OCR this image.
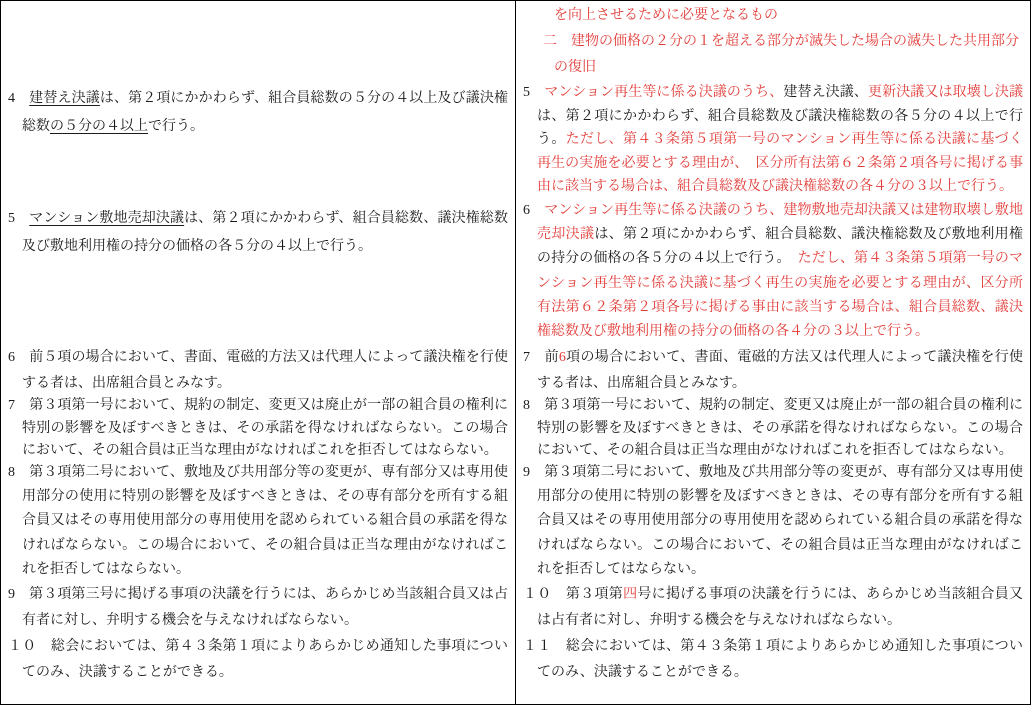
4　建替え決議は、第２項にかかわらず、組合員総数の５分の４以上及び議決権総数の５分の４以上で行う。
5　マンション敷地売却決議は、第２項にかかわらず、組合員総数、議決権総数及び敷地利用権の持分の価格の各５分の４以上で行う。
6　前５項の場合において、書面、電磁的方法又は代理人によって議決権を行使する者は、出席組合員とみなす。
7　第３項第一号において、規約の制定、変更又は廃止が一部の組合員の権利に特別の影響を及ぼすべきときは、その承諾を得なければならない。この場合において、その組合員は正当な理由がなければこれを拒否してはならない。
8　第３項第二号において、敷地及び共用部分等の変更が、専有部分又は専用使用部分の使用に特別の影響を及ぼすべきときは、その専有部分を所有する組合員又はその専用使用部分の専用使用を認められている組合員の承諾を得なければならない。この場合において、その組合員は正当な理由がなければこれを拒否してはならない。
9　第３項第三号に掲げる事項の決議を行うには、あらかじめ当該組合員又は占有者に対し、弁明する機会を与えなければならない。
１０　総会においては、第４３条第１項によりあらかじめ通知した事項についてのみ、決議することができる。
を向上させるために必要となるもの
二　建物の価格の２分の１を超える部分が滅失した場合の滅失した共用部分
の復旧
5　マンション再生等に係る決議のうち、建替え決議、更新決議又は取壊し決議は、第２項にかかわらず、組合員総数及び議決権総数の各５分の４以上で行う。ただし、第４３条第５項第一号のマンション再生等に係る決議に基づく再生の実施を必要とする理由が、　区分所有法第６２条第２項各号に掲げる事由に該当する場合は、組合員総数及び議決権総数の各４分の３以上で行う。
6　マンション再生等に係る決議のうち、建物敷地売却決議又は建物取壊し敷地売却決議は、第２項にかかわらず、組合員総数、議決権総数及び敷地利用権の持分の価格の各５分の４以上で行う。　ただし、第４３条第５項第一号のマンション再生等に係る決議に基づく再生の実施を必要とする理由が、区分所有法第６２条第２項各号に掲げる事由に該当する場合は、組合員総数、議決権総数及び敷地利用権の持分の価格の各４分の３以上で行う。
7　前6項の場合において、書面、電磁的方法又は代理人によって議決権を行使する者は、出席組合員とみなす。
8　第３項第一号において、規約の制定、変更又は廃止が一部の組合員の権利に特別の影響を及ぼすべきときは、その承諾を得なければならない。この場合において、その組合員は正当な理由がなければこれを拒否してはならない。
9　第３項第二号において、敷地及び共用部分等の変更が、専有部分又は専用使用部分の使用に特別の影響を及ぼすべきときは、その専有部分を所有する組合員又はその専用使用部分の専用使用を認められている組合員の承諾を得なければならない。この場合において、その組合員は正当な理由がなければこれを拒否してはならない。
１０　第３項第四号に掲げる事項の決議を行うには、あらかじめ当該組合員又は占有者に対し、弁明する機会を与えなければならない。
１１　総会においては、第４３条第１項によりあらかじめ通知した事項についてのみ、決議することができる。
